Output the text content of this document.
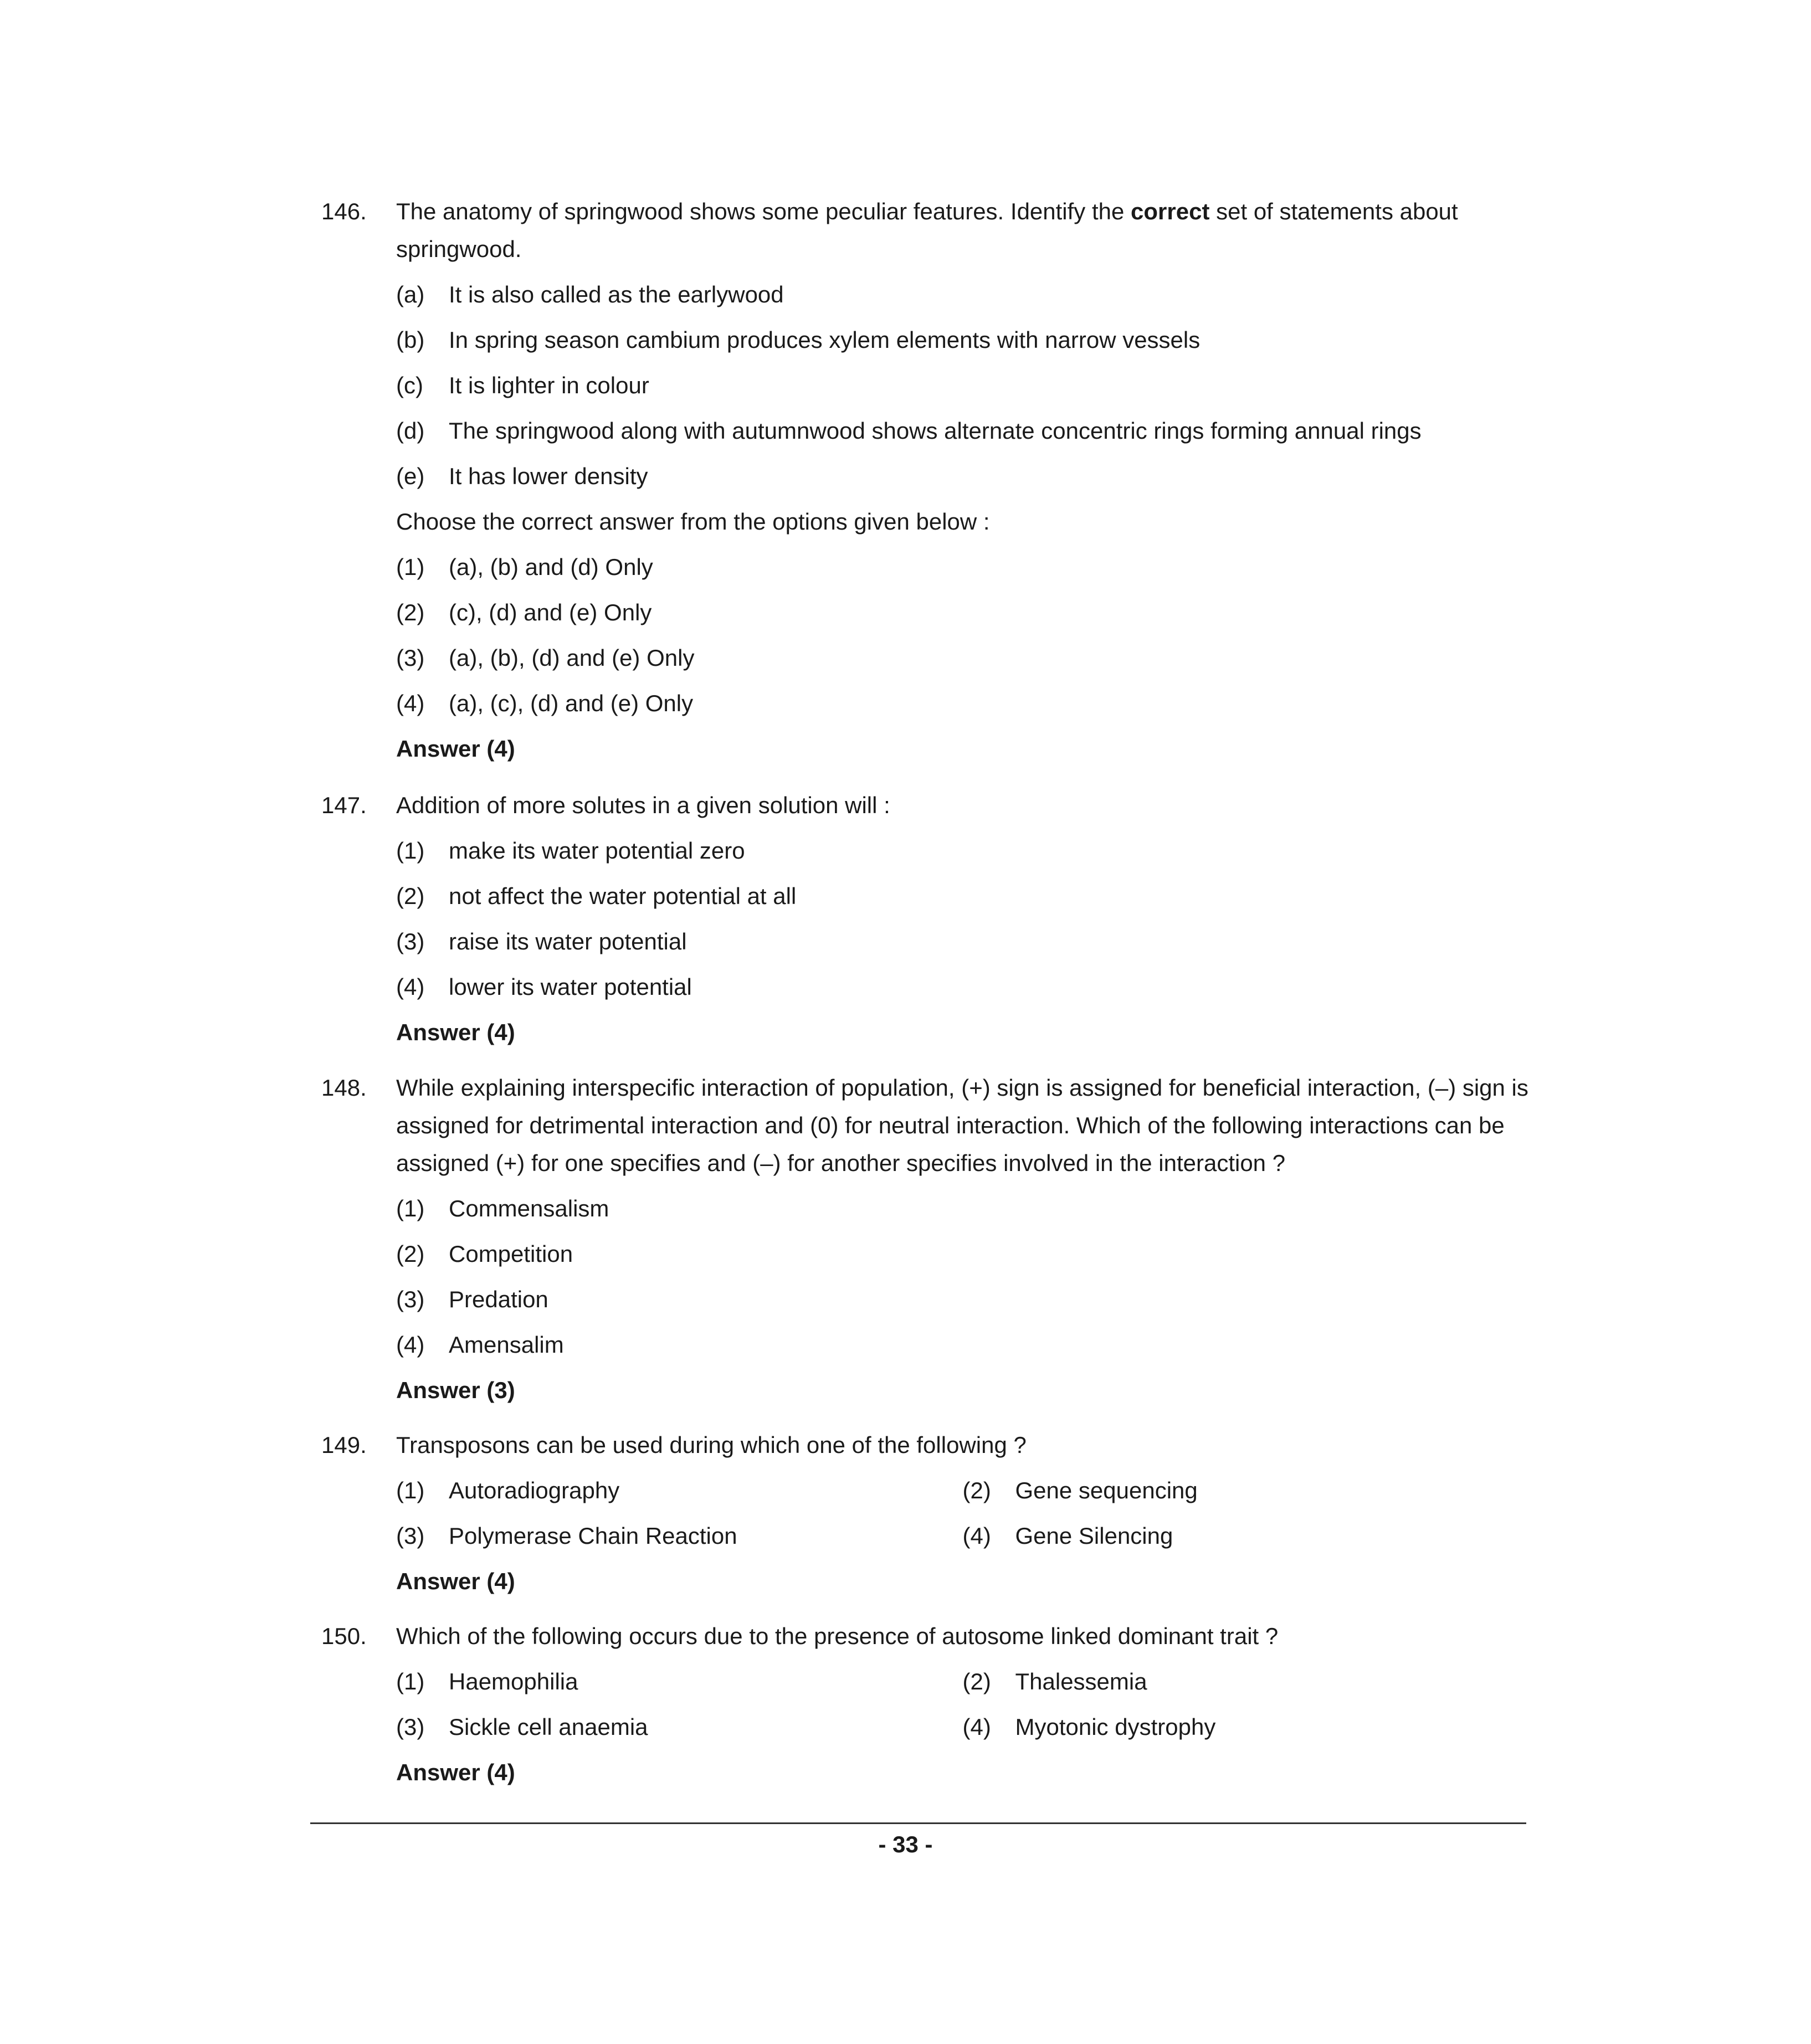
146. The anatomy of springwood shows some peculiar features. Identify the correct set of statements about springwood.
(a) It is also called as the earlywood
(b) In spring season cambium produces xylem elements with narrow vessels
(c) It is lighter in colour
(d) The springwood along with autumnwood shows alternate concentric rings forming annual rings
(e) It has lower density
Choose the correct answer from the options given below :
(1) (a), (b) and (d) Only
(2) (c), (d) and (e) Only
(3) (a), (b), (d) and (e) Only
(4) (a), (c), (d) and (e) Only
Answer (4)
147. Addition of more solutes in a given solution will :
(1) make its water potential zero
(2) not affect the water potential at all
(3) raise its water potential
(4) lower its water potential
Answer (4)
148. While explaining interspecific interaction of population, (+) sign is assigned for beneficial interaction, (–) sign is assigned for detrimental interaction and (0) for neutral interaction. Which of the following interactions can be assigned (+) for one specifies and (–) for another specifies involved in the interaction ?
(1) Commensalism
(2) Competition
(3) Predation
(4) Amensalim
Answer (3)
149. Transposons can be used during which one of the following ?
(1) Autoradiography	(2) Gene sequencing
(3) Polymerase Chain Reaction	(4) Gene Silencing
Answer (4)
150. Which of the following occurs due to the presence of autosome linked dominant trait ?
(1) Haemophilia	(2) Thalessemia
(3) Sickle cell anaemia	(4) Myotonic dystrophy
Answer (4)
- 33 -
